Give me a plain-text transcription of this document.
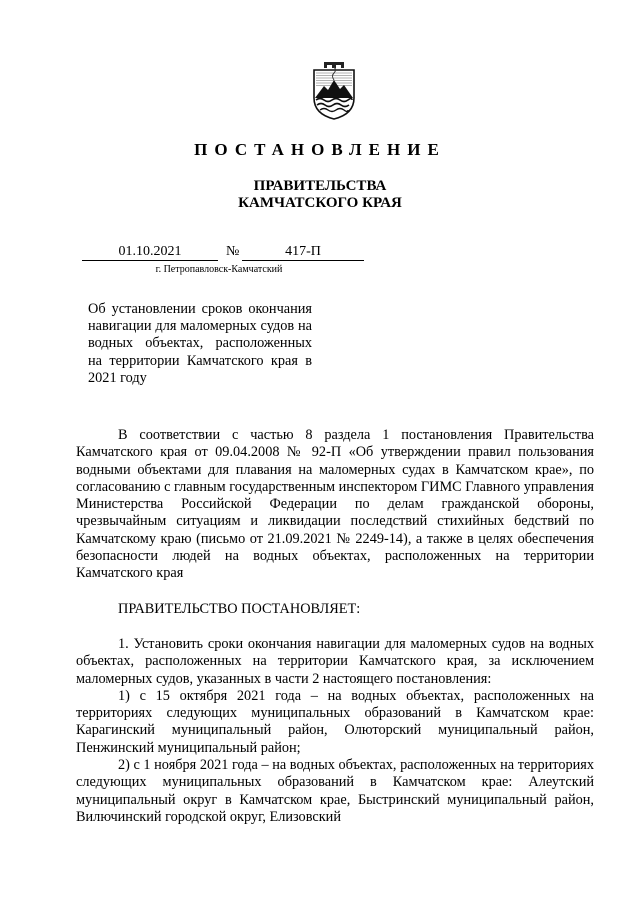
ПОСТАНОВЛЕНИЕ
ПРАВИТЕЛЬСТВА
КАМЧАТСКОГО КРАЯ
01.10.2021	№	417-П
г. Петропавловск-Камчатский
Об установлении сроков окончания навигации для маломерных судов на водных объектах, расположенных на территории Камчатского края в 2021 году

В соответствии с частью 8 раздела 1 постановления Правительства Камчатского края от 09.04.2008 № 92-П «Об утверждении правил пользования водными объектами для плавания на маломерных судах в Камчатском крае», по согласованию с главным государственным инспектором ГИМС Главного управления Министерства Российской Федерации по делам гражданской обороны, чрезвычайным ситуациям и ликвидации последствий стихийных бедствий по Камчатскому краю (письмо от 21.09.2021 № 2249-14), а также в целях обеспечения безопасности людей на водных объектах, расположенных на территории Камчатского края

ПРАВИТЕЛЬСТВО ПОСТАНОВЛЯЕТ:

1. Установить сроки окончания навигации для маломерных судов на водных объектах, расположенных на территории Камчатского края, за исключением маломерных судов, указанных в части 2 настоящего постановления:

1) с 15 октября 2021 года – на водных объектах, расположенных на территориях следующих муниципальных образований в Камчатском крае: Карагинский муниципальный район, Олюторский муниципальный район, Пенжинский муниципальный район;

2) с 1 ноября 2021 года – на водных объектах, расположенных на территориях следующих муниципальных образований в Камчатском крае: Алеутский муниципальный округ в Камчатском крае, Быстринский муниципальный район, Вилючинский городской округ, Елизовский
